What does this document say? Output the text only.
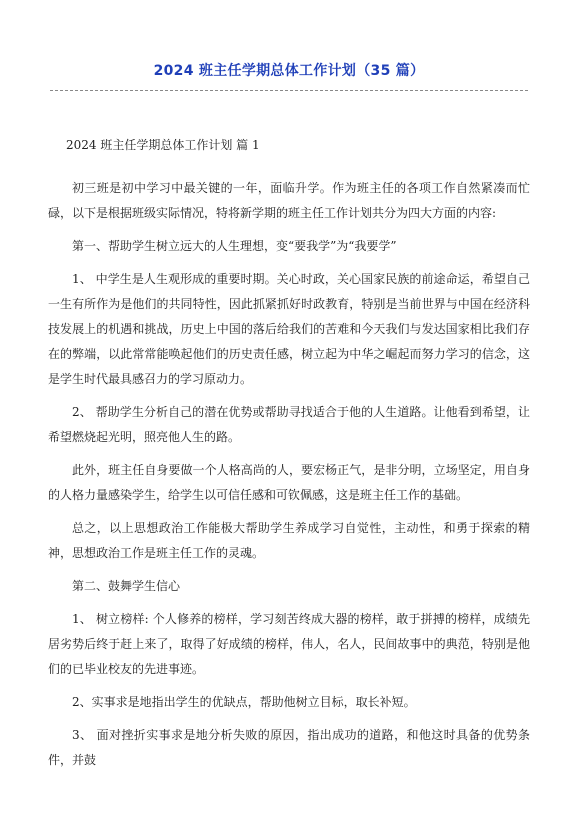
2024 班主任学期总体工作计划（35 篇）
2024 班主任学期总体工作计划 篇 1

初三班是初中学习中最关键的一年，面临升学。作为班主任的各项工作自然紧凑而忙碌，以下是根据班级实际情况，特将新学期的班主任工作计划共分为四大方面的内容:

第一、帮助学生树立远大的人生理想，变“要我学”为“我要学”

1、 中学生是人生观形成的重要时期。关心时政，关心国家民族的前途命运，希望自己一生有所作为是他们的共同特性，因此抓紧抓好时政教育，特别是当前世界与中国在经济科技发展上的机遇和挑战，历史上中国的落后给我们的苦难和今天我们与发达国家相比我们存在的弊端，以此常常能唤起他们的历史责任感，树立起为中华之崛起而努力学习的信念，这是学生时代最具感召力的学习原动力。

2、 帮助学生分析自己的潜在优势或帮助寻找适合于他的人生道路。让他看到希望，让希望燃烧起光明，照亮他人生的路。

此外，班主任自身要做一个人格高尚的人，要宏杨正气，是非分明，立场坚定，用自身的人格力量感染学生，给学生以可信任感和可钦佩感，这是班主任工作的基础。

总之，以上思想政治工作能极大帮助学生养成学习自觉性，主动性，和勇于探索的精神，思想政治工作是班主任工作的灵魂。

第二、鼓舞学生信心

1、 树立榜样: 个人修养的榜样，学习刻苦终成大器的榜样，敢于拼搏的榜样，成绩先居劣势后终于赶上来了，取得了好成绩的榜样，伟人，名人，民间故事中的典范，特别是他们的已毕业校友的先进事迹。

2、实事求是地指出学生的优缺点，帮助他树立目标，取长补短。

3、 面对挫折实事求是地分析失败的原因，指出成功的道路，和他这时具备的优势条件，并鼓
